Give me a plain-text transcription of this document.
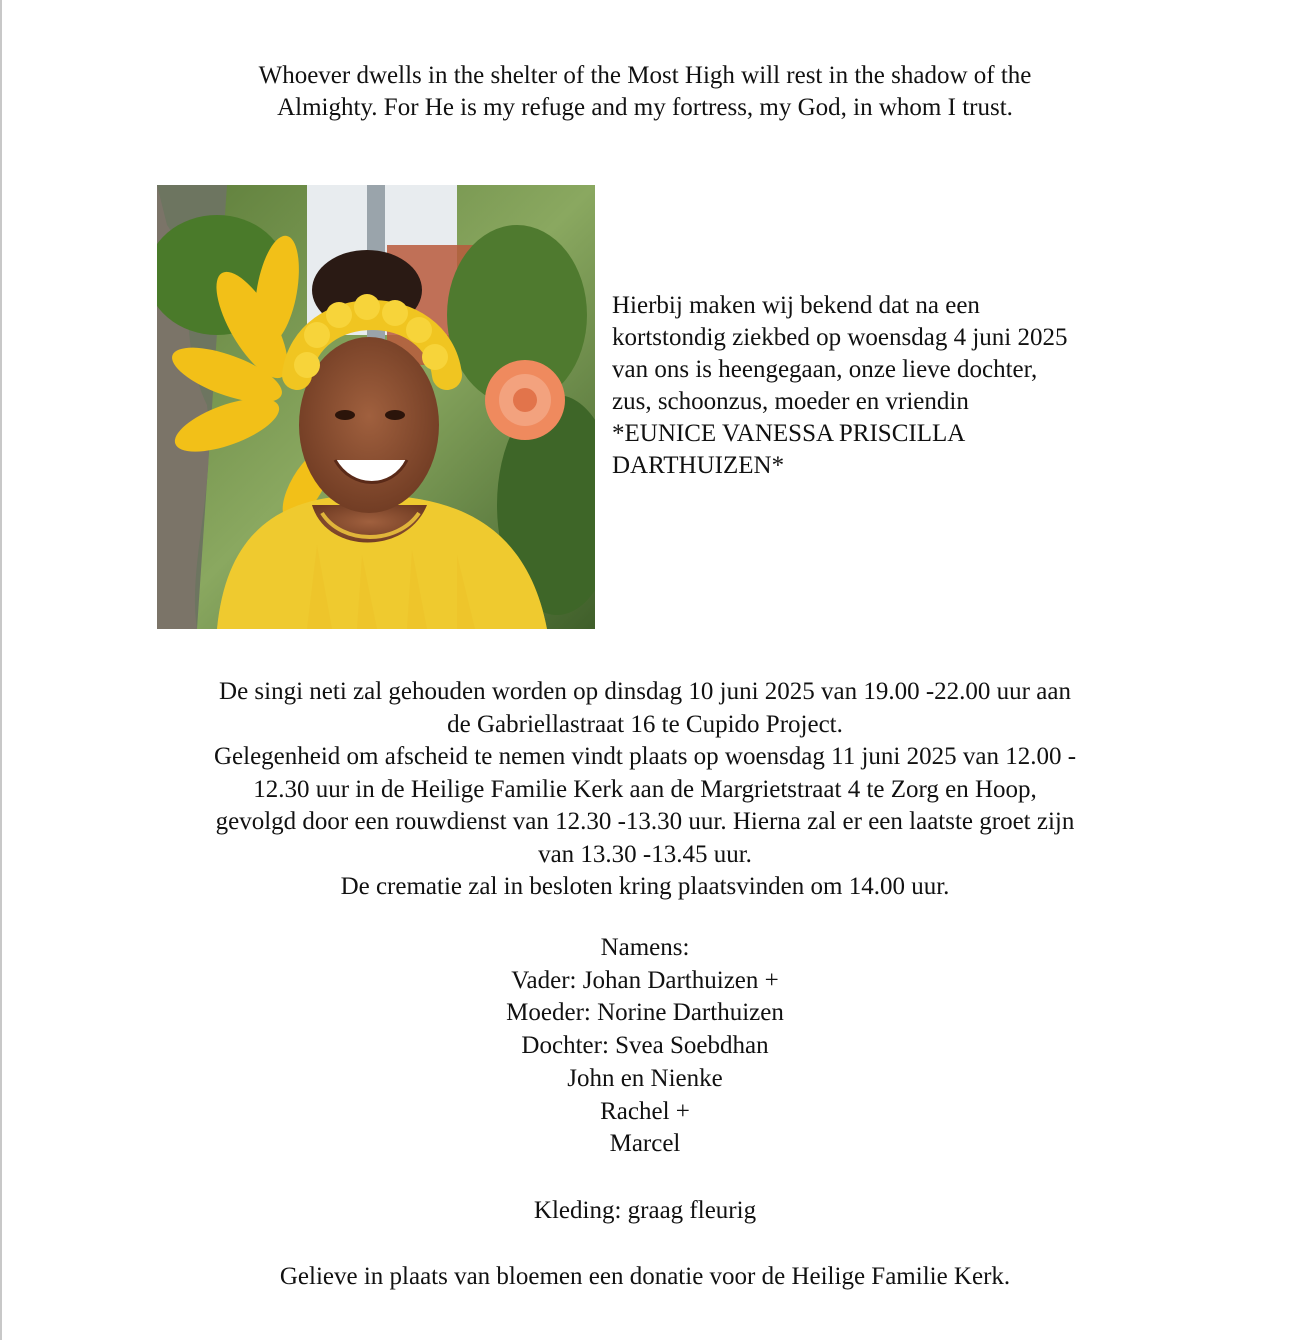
Whoever dwells in the shelter of the Most High will rest in the shadow of the
Almighty. For He is my refuge and my fortress, my God, in whom I trust.
Hierbij maken wij bekend dat na een
kortstondig ziekbed op woensdag 4 juni 2025
van ons is heengegaan, onze lieve dochter,
zus, schoonzus, moeder en vriendin
*EUNICE VANESSA PRISCILLA
DARTHUIZEN*
De singi neti zal gehouden worden op dinsdag 10 juni 2025 van 19.00 -22.00 uur aan
de Gabriellastraat 16 te Cupido Project.
Gelegenheid om afscheid te nemen vindt plaats op woensdag 11 juni 2025 van 12.00 -
12.30 uur in de Heilige Familie Kerk aan de Margrietstraat 4 te Zorg en Hoop,
gevolgd door een rouwdienst van 12.30 -13.30 uur. Hierna zal er een laatste groet zijn
van 13.30 -13.45 uur.
De crematie zal in besloten kring plaatsvinden om 14.00 uur.
Namens:
Vader: Johan Darthuizen +
Moeder: Norine Darthuizen
Dochter: Svea Soebdhan
John en Nienke
Rachel +
Marcel
Kleding: graag fleurig
Gelieve in plaats van bloemen een donatie voor de Heilige Familie Kerk.
